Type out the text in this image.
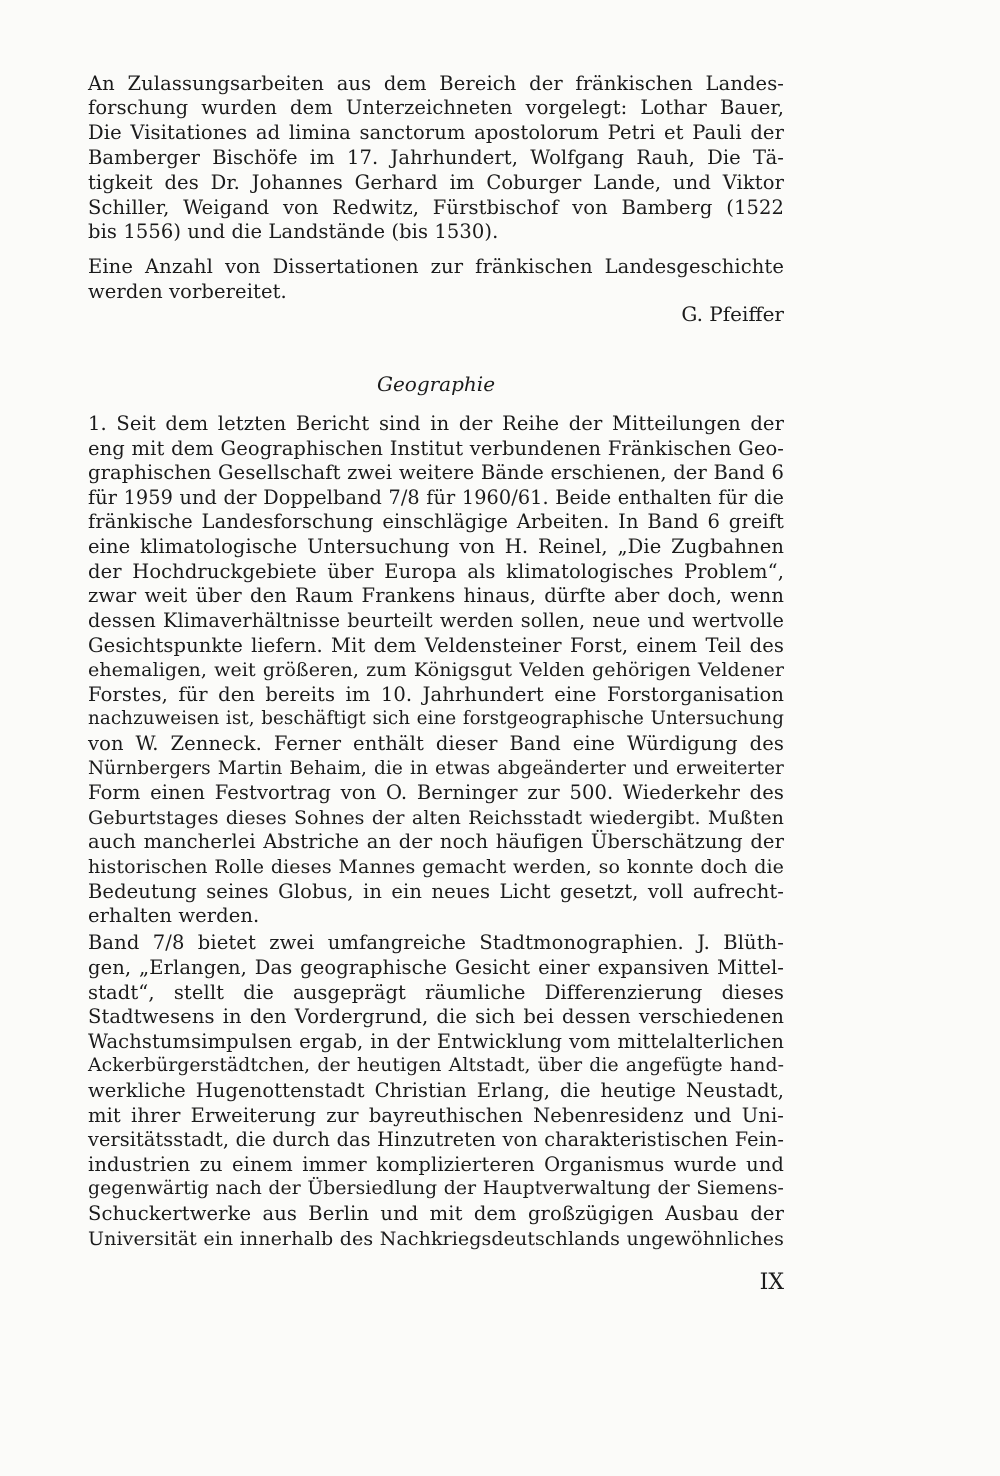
An Zulassungsarbeiten aus dem Bereich der fränkischen Landes-
forschung wurden dem Unterzeichneten vorgelegt: Lothar Bauer,
Die Visitationes ad limina sanctorum apostolorum Petri et Pauli der
Bamberger Bischöfe im 17. Jahrhundert, Wolfgang Rauh, Die Tä-
tigkeit des Dr. Johannes Gerhard im Coburger Lande, und Viktor
Schiller, Weigand von Redwitz, Fürstbischof von Bamberg (1522
bis 1556) und die Landstände (bis 1530).
Eine Anzahl von Dissertationen zur fränkischen Landesgeschichte
werden vorbereitet.
G. Pfeiffer
Geographie
1. Seit dem letzten Bericht sind in der Reihe der Mitteilungen der
eng mit dem Geographischen Institut verbundenen Fränkischen Geo-
graphischen Gesellschaft zwei weitere Bände erschienen, der Band 6
für 1959 und der Doppelband 7/8 für 1960/61. Beide enthalten für die
fränkische Landesforschung einschlägige Arbeiten. In Band 6 greift
eine klimatologische Untersuchung von H. Reinel, „Die Zugbahnen
der Hochdruckgebiete über Europa als klimatologisches Problem“,
zwar weit über den Raum Frankens hinaus, dürfte aber doch, wenn
dessen Klimaverhältnisse beurteilt werden sollen, neue und wertvolle
Gesichtspunkte liefern. Mit dem Veldensteiner Forst, einem Teil des
ehemaligen, weit größeren, zum Königsgut Velden gehörigen Veldener
Forstes, für den bereits im 10. Jahrhundert eine Forstorganisation
nachzuweisen ist, beschäftigt sich eine forstgeographische Untersuchung
von W. Zenneck. Ferner enthält dieser Band eine Würdigung des
Nürnbergers Martin Behaim, die in etwas abgeänderter und erweiterter
Form einen Festvortrag von O. Berninger zur 500. Wiederkehr des
Geburtstages dieses Sohnes der alten Reichsstadt wiedergibt. Mußten
auch mancherlei Abstriche an der noch häufigen Überschätzung der
historischen Rolle dieses Mannes gemacht werden, so konnte doch die
Bedeutung seines Globus, in ein neues Licht gesetzt, voll aufrecht-
erhalten werden.
Band 7/8 bietet zwei umfangreiche Stadtmonographien. J. Blüth-
gen, „Erlangen, Das geographische Gesicht einer expansiven Mittel-
stadt“, stellt die ausgeprägt räumliche Differenzierung dieses
Stadtwesens in den Vordergrund, die sich bei dessen verschiedenen
Wachstumsimpulsen ergab, in der Entwicklung vom mittelalterlichen
Ackerbürgerstädtchen, der heutigen Altstadt, über die angefügte hand-
werkliche Hugenottenstadt Christian Erlang, die heutige Neustadt,
mit ihrer Erweiterung zur bayreuthischen Nebenresidenz und Uni-
versitätsstadt, die durch das Hinzutreten von charakteristischen Fein-
industrien zu einem immer komplizierteren Organismus wurde und
gegenwärtig nach der Übersiedlung der Hauptverwaltung der Siemens-
Schuckertwerke aus Berlin und mit dem großzügigen Ausbau der
Universität ein innerhalb des Nachkriegsdeutschlands ungewöhnliches
IX
